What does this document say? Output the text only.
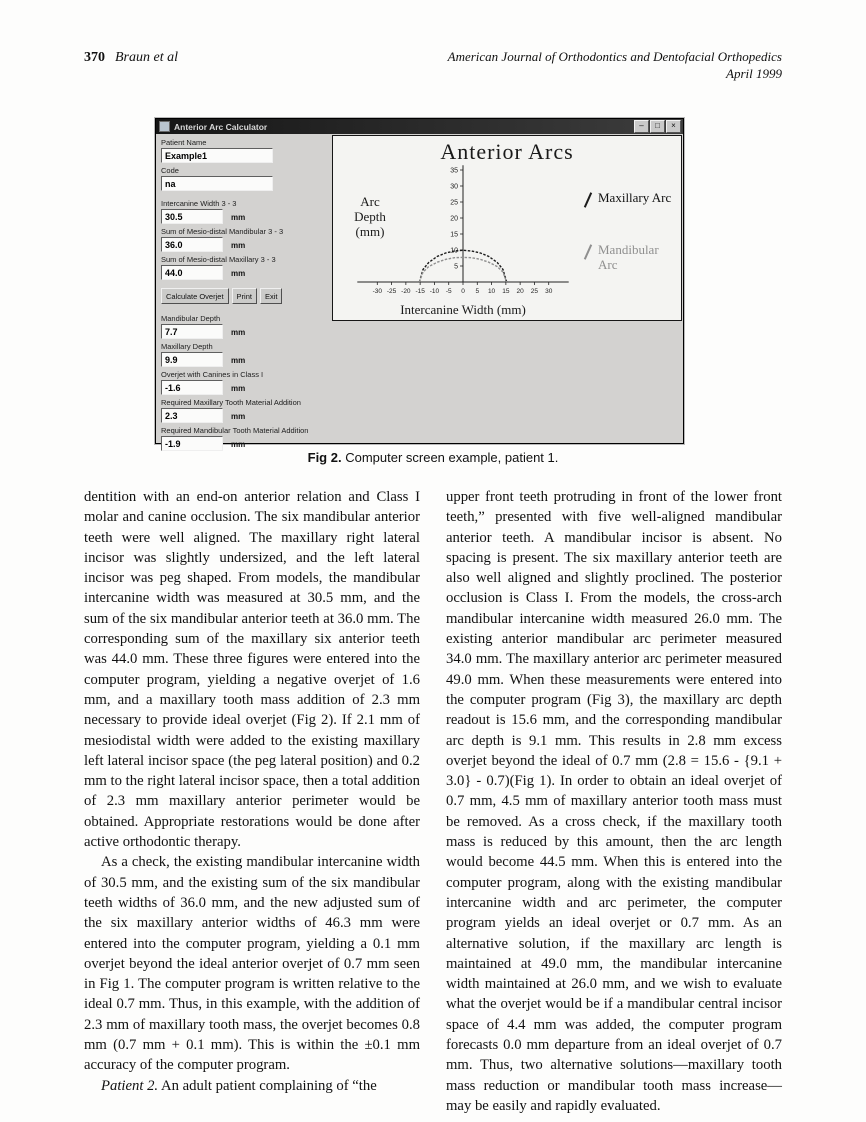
370 Braun et al	American Journal of Orthodontics and Dentofacial Orthopedics
April 1999
Anterior Arc Calculator	–	□	×
Patient Name
Example1
Code
na
Intercanine Width 3 - 3
30.5
mm
Sum of Mesio-distal Mandibular 3 - 3
36.0
mm
Sum of Mesio-distal Maxillary 3 - 3
44.0
mm
Calculate Overjet	Print	Exit
Mandibular Depth
7.7
mm
Maxillary Depth
9.9
mm
Overjet with Canines in Class I
-1.6
mm
Required Maxillary Tooth Material Addition
2.3
mm
Required Mandibular Tooth Material Addition
-1.9
mm
Anterior Arcs
Arc Depth (mm)
-30 -25 -20 -15 -10 -5 0 5 10 15 20 25 30
5
10
15
20
25
30
35
Intercanine Width (mm)
Maxillary Arc
Mandibular Arc
Fig 2. Computer screen example, patient 1.

dentition with an end-on anterior relation and Class I molar and canine occlusion. The six mandibular anterior teeth were well aligned. The maxillary right lateral incisor was slightly undersized, and the left lateral incisor was peg shaped. From models, the mandibular intercanine width was measured at 30.5 mm, and the sum of the six mandibular anterior teeth at 36.0 mm. The corresponding sum of the maxillary six anterior teeth was 44.0 mm. These three figures were entered into the computer program, yielding a negative overjet of 1.6 mm, and a maxillary tooth mass addition of 2.3 mm necessary to provide ideal overjet (Fig 2). If 2.1 mm of mesiodistal width were added to the existing maxillary left lateral incisor space (the peg lateral position) and 0.2 mm to the right lateral incisor space, then a total addition of 2.3 mm maxillary anterior perimeter would be obtained. Appropriate restorations would be done after active orthodontic therapy.

As a check, the existing mandibular intercanine width of 30.5 mm, and the existing sum of the six mandibular teeth widths of 36.0 mm, and the new adjusted sum of the six maxillary anterior widths of 46.3 mm were entered into the computer program, yielding a 0.1 mm overjet beyond the ideal anterior overjet of 0.7 mm seen in Fig 1. The computer program is written relative to the ideal 0.7 mm. Thus, in this example, with the addition of 2.3 mm of maxillary tooth mass, the overjet becomes 0.8 mm (0.7 mm + 0.1 mm). This is within the ±0.1 mm accuracy of the computer program.

Patient 2. An adult patient complaining of “the

upper front teeth protruding in front of the lower front teeth,” presented with five well-aligned mandibular anterior teeth. A mandibular incisor is absent. No spacing is present. The six maxillary anterior teeth are also well aligned and slightly proclined. The posterior occlusion is Class I. From the models, the cross-arch mandibular intercanine width measured 26.0 mm. The existing anterior mandibular arc perimeter measured 34.0 mm. The maxillary anterior arc perimeter measured 49.0 mm. When these measurements were entered into the computer program (Fig 3), the maxillary arc depth readout is 15.6 mm, and the corresponding mandibular arc depth is 9.1 mm. This results in 2.8 mm excess overjet beyond the ideal of 0.7 mm (2.8 = 15.6 - {9.1 + 3.0} - 0.7)(Fig 1). In order to obtain an ideal overjet of 0.7 mm, 4.5 mm of maxillary anterior tooth mass must be removed. As a cross check, if the maxillary tooth mass is reduced by this amount, then the arc length would become 44.5 mm. When this is entered into the computer program, along with the existing mandibular intercanine width and arc perimeter, the computer program yields an ideal overjet or 0.7 mm. As an alternative solution, if the maxillary arc length is maintained at 49.0 mm, the mandibular intercanine width maintained at 26.0 mm, and we wish to evaluate what the overjet would be if a mandibular central incisor space of 4.4 mm was added, the computer program forecasts 0.0 mm departure from an ideal overjet of 0.7 mm. Thus, two alternative solutions—maxillary tooth mass reduction or mandibular tooth mass increase— may be easily and rapidly evaluated.
